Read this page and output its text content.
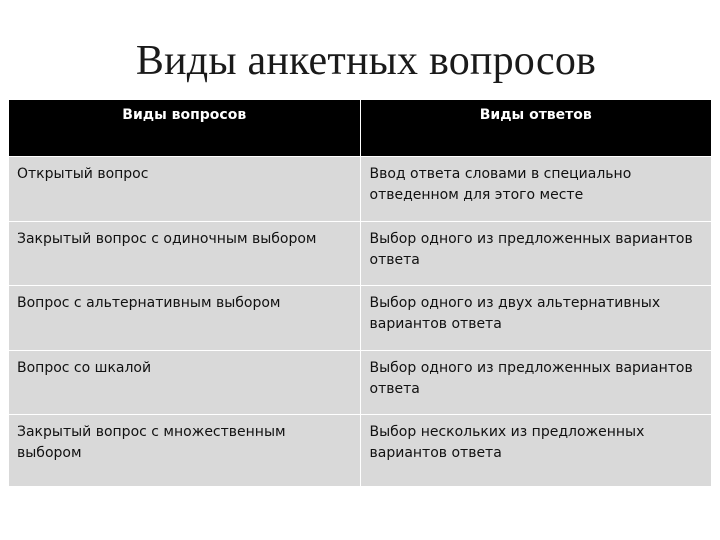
Виды анкетных вопросов
Виды вопросов	Виды ответов
Открытый вопрос	Ввод ответа словами в специально отведенном для этого месте
Закрытый вопрос с одиночным выбором	Выбор одного из предложенных вариантов ответа
Вопрос с альтернативным выбором	Выбор одного из двух альтернативных вариантов ответа
Вопрос со шкалой	Выбор одного из предложенных вариантов ответа
Закрытый вопрос с множественным выбором	Выбор нескольких из предложенных вариантов ответа
